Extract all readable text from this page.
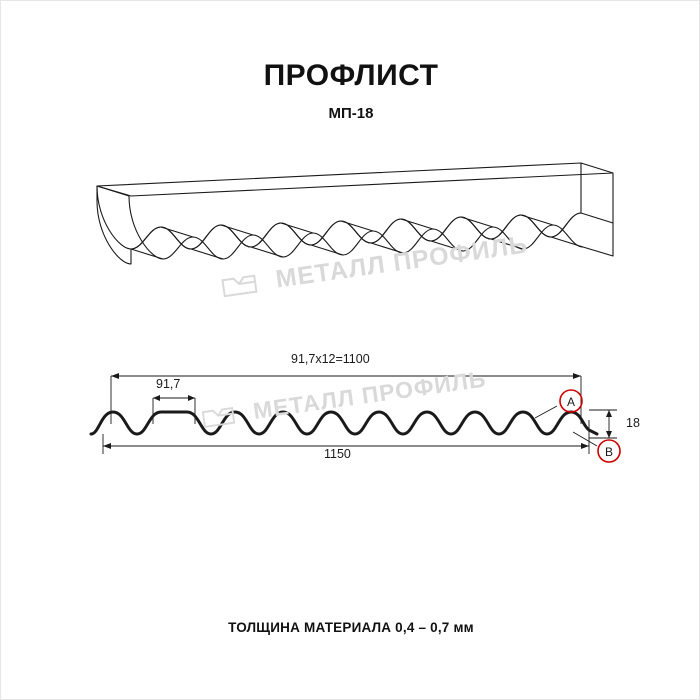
ПРОФЛИСТ
МП-18
A
B
91,7х12=1100
91,7
1150
18
МЕТАЛЛ ПРОФИЛЬ
МЕТАЛЛ ПРОФИЛЬ
ТОЛЩИНА МАТЕРИАЛА 0,4 – 0,7 мм
